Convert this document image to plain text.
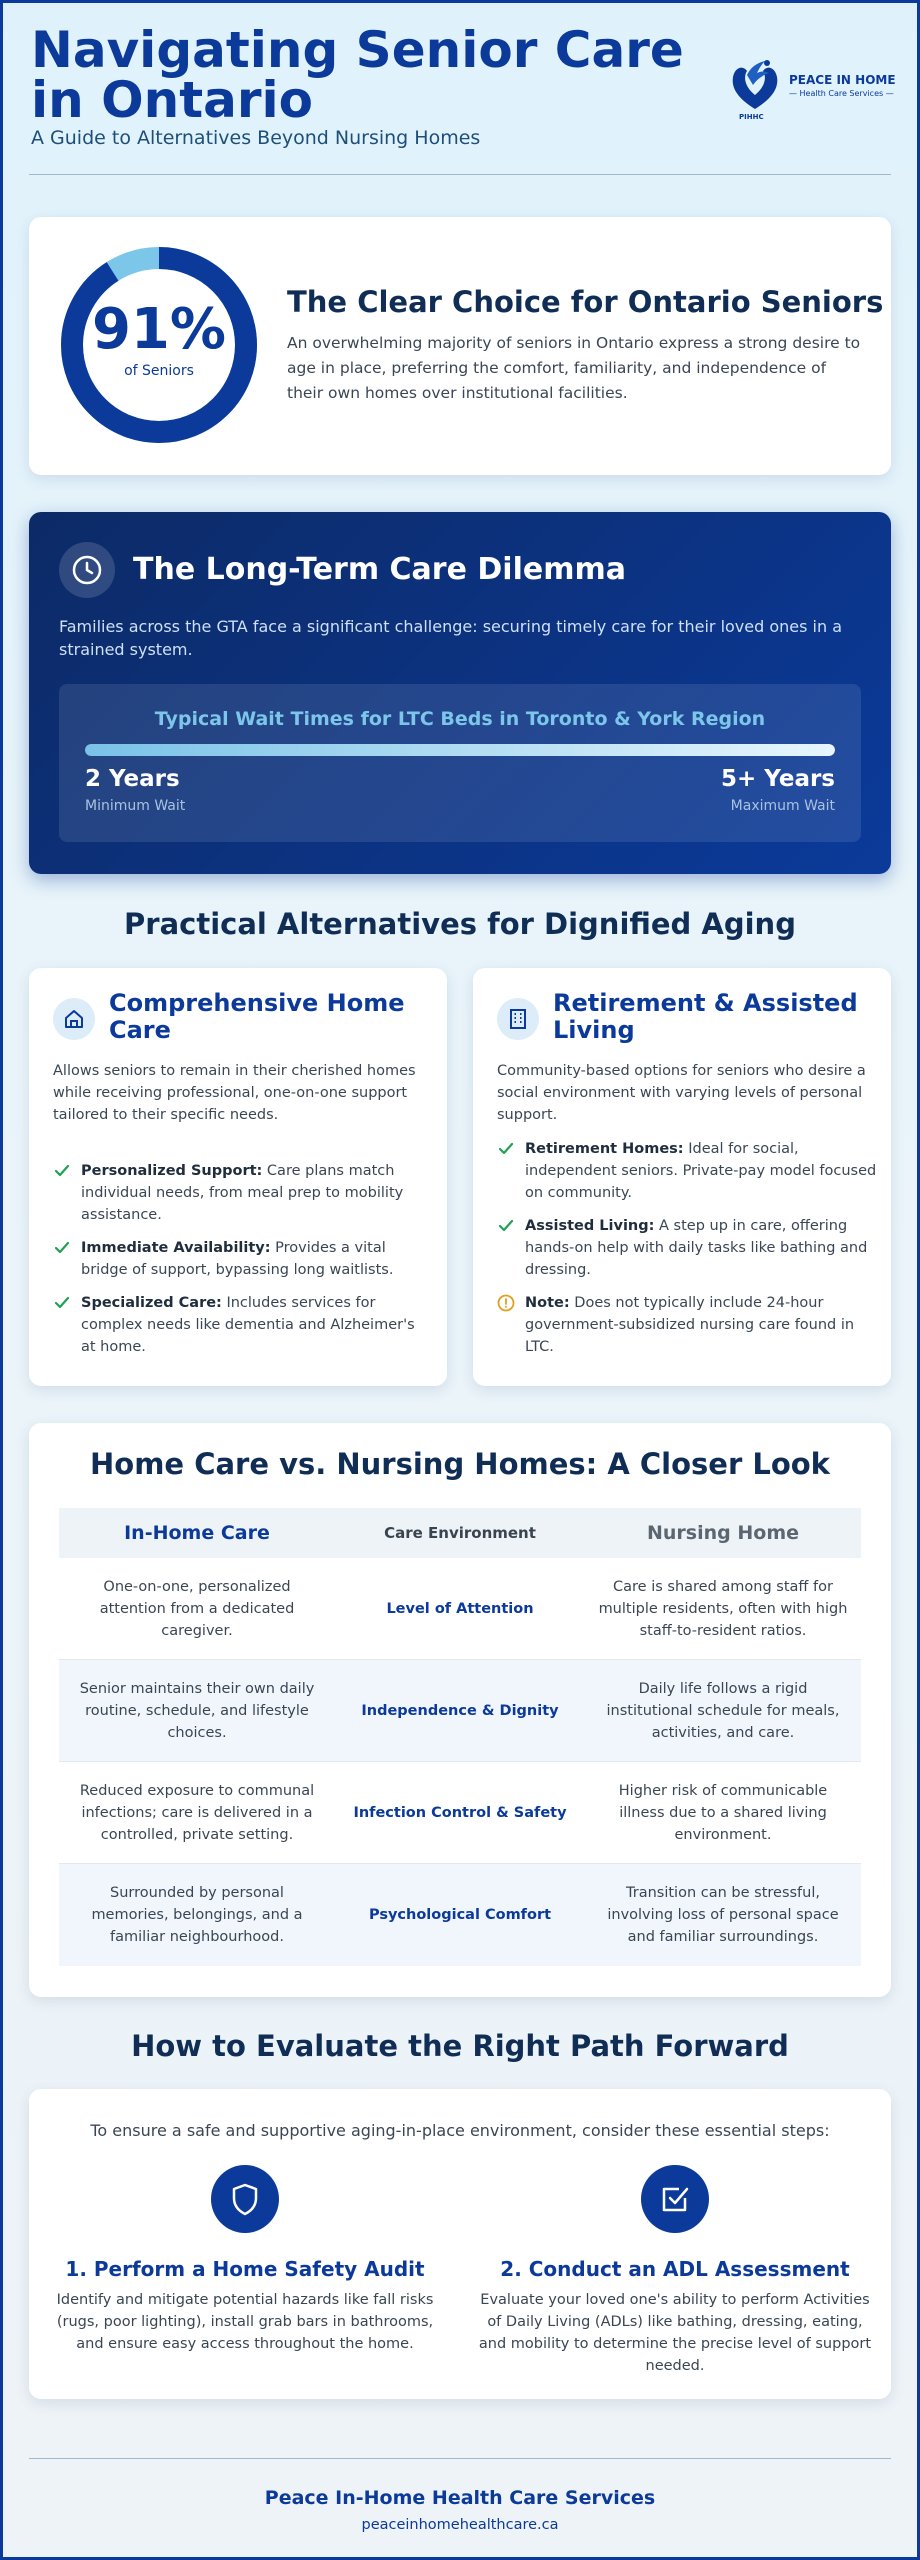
Navigating Senior Care in Ontario
A Guide to Alternatives Beyond Nursing Homes
PEACE IN HOME
— Health Care Services —
PIHHC
91%
of Seniors
The Clear Choice for Ontario Seniors

An overwhelming majority of seniors in Ontario express a strong desire to age in place, preferring the comfort, familiarity, and independence of their own homes over institutional facilities.

The Long-Term Care Dilemma

Families across the GTA face a significant challenge: securing timely care for their loved ones in a strained system.

Typical Wait Times for LTC Beds in Toronto & York Region
2 Years
Minimum Wait
5+ Years
Maximum Wait
Practical Alternatives for Dignified Aging
Comprehensive Home Care

Allows seniors to remain in their cherished homes while receiving professional, one-on-one support tailored to their specific needs.

Personalized Support: Care plans match individual needs, from meal prep to mobility assistance.
Immediate Availability: Provides a vital bridge of support, bypassing long waitlists.
Specialized Care: Includes services for complex needs like dementia and Alzheimer's at home.
Retirement & Assisted Living

Community-based options for seniors who desire a social environment with varying levels of personal support.

Retirement Homes: Ideal for social, independent seniors. Private-pay model focused on community.
Assisted Living: A step up in care, offering hands-on help with daily tasks like bathing and dressing.
Note: Does not typically include 24-hour government-subsidized nursing care found in LTC.
Home Care vs. Nursing Homes: A Closer Look
In-Home Care	Care Environment	Nursing Home
One-on-one, personalized attention from a dedicated caregiver.
Level of Attention
Care is shared among staff for multiple residents, often with high staff-to-resident ratios.
Senior maintains their own daily routine, schedule, and lifestyle choices.
Independence & Dignity
Daily life follows a rigid institutional schedule for meals, activities, and care.
Reduced exposure to communal infections; care is delivered in a controlled, private setting.
Infection Control & Safety
Higher risk of communicable illness due to a shared living environment.
Surrounded by personal memories, belongings, and a familiar neighbourhood.
Psychological Comfort
Transition can be stressful, involving loss of personal space and familiar surroundings.
How to Evaluate the Right Path Forward

To ensure a safe and supportive aging-in-place environment, consider these essential steps:

1. Perform a Home Safety Audit

Identify and mitigate potential hazards like fall risks (rugs, poor lighting), install grab bars in bathrooms, and ensure easy access throughout the home.

2. Conduct an ADL Assessment

Evaluate your loved one's ability to perform Activities of Daily Living (ADLs) like bathing, dressing, eating, and mobility to determine the precise level of support needed.

Peace In-Home Health Care Services
peaceinhomehealthcare.ca
